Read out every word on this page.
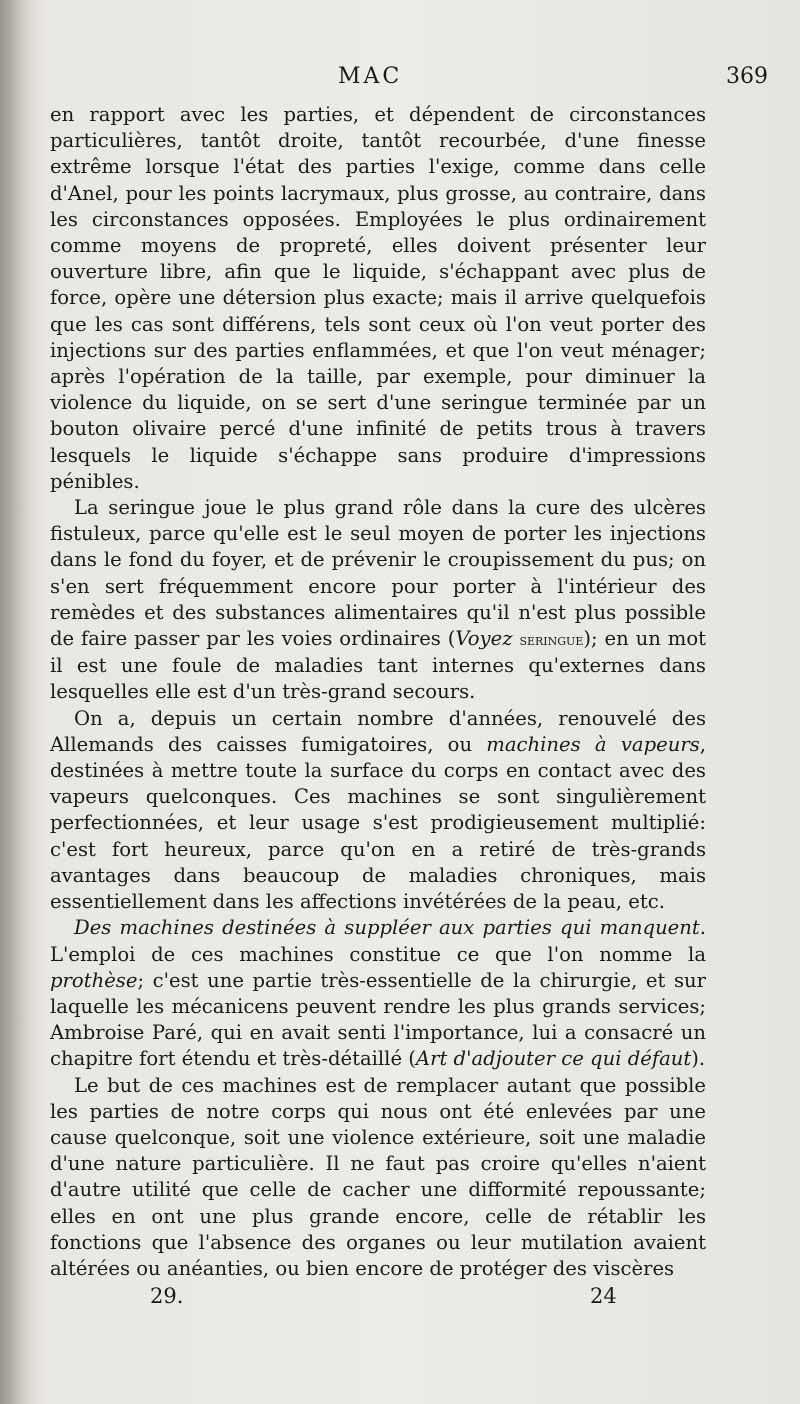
MAC	369

en rapport avec les parties, et dépendent de circonstances particulières, tantôt droite, tantôt recourbée, d'une finesse extrême lorsque l'état des parties l'exige, comme dans celle d'Anel, pour les points lacrymaux, plus grosse, au contraire, dans les circonstances opposées. Employées le plus ordinairement comme moyens de propreté, elles doivent présenter leur ouverture libre, afin que le liquide, s'échappant avec plus de force, opère une détersion plus exacte; mais il arrive quelquefois que les cas sont différens, tels sont ceux où l'on veut porter des injections sur des parties enflammées, et que l'on veut ménager; après l'opération de la taille, par exemple, pour diminuer la violence du liquide, on se sert d'une seringue terminée par un bouton olivaire percé d'une infinité de petits trous à travers lesquels le liquide s'échappe sans produire d'impressions pénibles.

La seringue joue le plus grand rôle dans la cure des ulcères fistuleux, parce qu'elle est le seul moyen de porter les injections dans le fond du foyer, et de prévenir le croupissement du pus; on s'en sert fréquemment encore pour porter à l'intérieur des remèdes et des substances alimentaires qu'il n'est plus possible de faire passer par les voies ordinaires (Voyez seringue); en un mot il est une foule de maladies tant internes qu'externes dans lesquelles elle est d'un très-grand secours.

On a, depuis un certain nombre d'années, renouvelé des Allemands des caisses fumigatoires, ou machines à vapeurs, destinées à mettre toute la surface du corps en contact avec des vapeurs quelconques. Ces machines se sont singulièrement perfectionnées, et leur usage s'est prodigieusement multiplié: c'est fort heureux, parce qu'on en a retiré de très-grands avantages dans beaucoup de maladies chroniques, mais essentiellement dans les affections invétérées de la peau, etc.

Des machines destinées à suppléer aux parties qui manquent. L'emploi de ces machines constitue ce que l'on nomme la prothèse; c'est une partie très-essentielle de la chirurgie, et sur laquelle les mécanicens peuvent rendre les plus grands services; Ambroise Paré, qui en avait senti l'importance, lui a consacré un chapitre fort étendu et très-détaillé (Art d'adjouter ce qui défaut).

Le but de ces machines est de remplacer autant que possible les parties de notre corps qui nous ont été enlevées par une cause quelconque, soit une violence extérieure, soit une maladie d'une nature particulière. Il ne faut pas croire qu'elles n'aient d'autre utilité que celle de cacher une difformité repoussante; elles en ont une plus grande encore, celle de rétablir les fonctions que l'absence des organes ou leur mutilation avaient altérées ou anéanties, ou bien encore de protéger des viscères

29.	24
